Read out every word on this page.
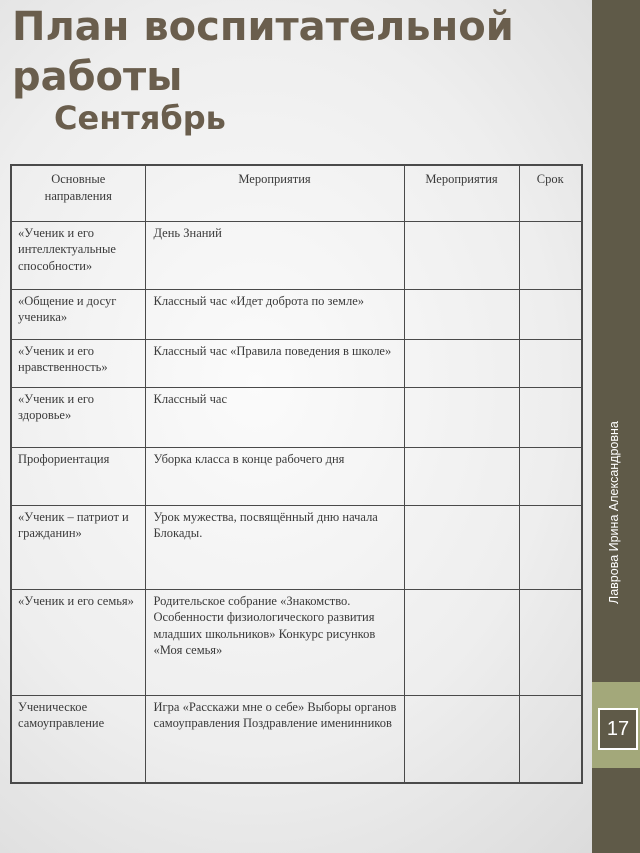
План воспитательной работы
Сентябрь
Лаврова Ирина Александровна
17
Основные направления	Мероприятия	Мероприятия	Срок
«Ученик и его интеллектуальные способности»	День Знаний		
«Общение и досуг ученика»	Классный час «Идет доброта по земле»		
«Ученик и его нравственность»	Классный час «Правила поведения в школе»		
«Ученик и его здоровье»	Классный час		
Профориентация	Уборка класса в конце рабочего дня		
«Ученик – патриот и гражданин»	Урок мужества, посвящённый дню начала Блокады.		
«Ученик и его семья»	Родительское собрание «Знакомство. Особенности физиологического развития младших школьников» Конкурс рисунков «Моя семья»		
Ученическое самоуправление	Игра «Расскажи мне о себе» Выборы органов самоуправления Поздравление именинников		
